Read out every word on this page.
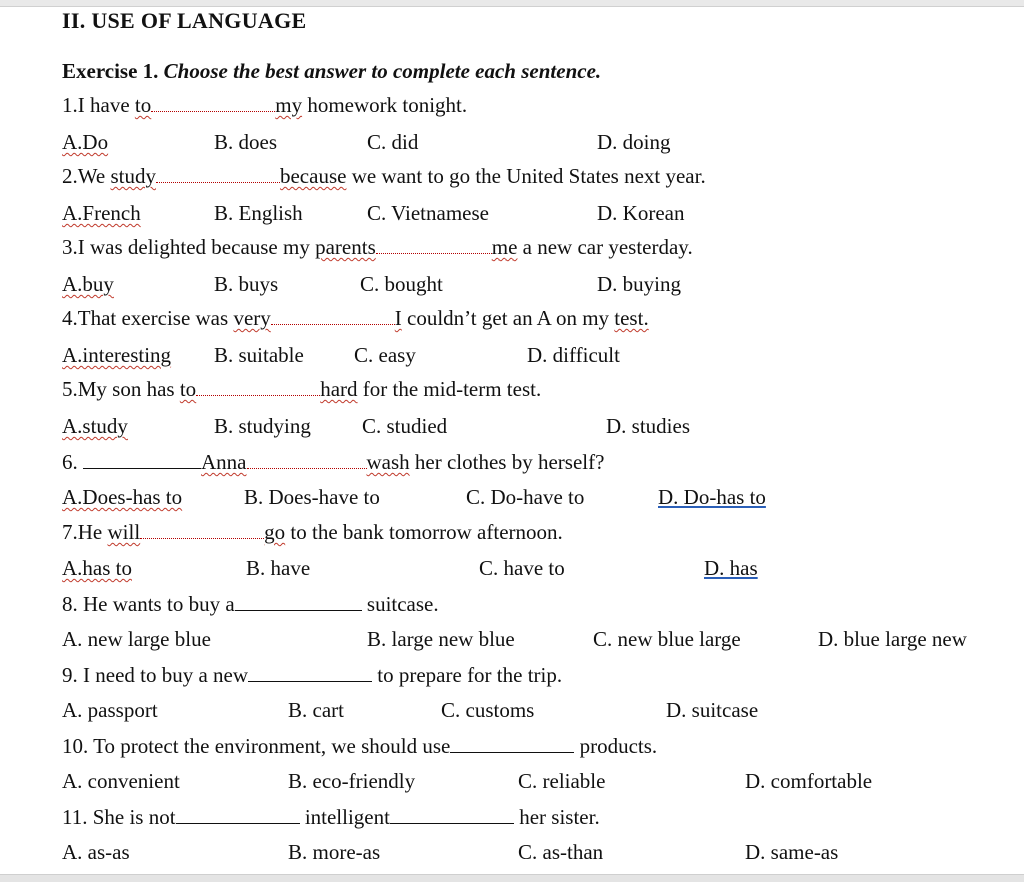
II. USE OF LANGUAGE
Exercise 1. Choose the best answer to complete each sentence.
1.I have to	my homework tonight.
A.Do	B. does	C. did	D. doing
2.We study	because we want to go the United States next year.
A.French	B. English	C. Vietnamese	D. Korean
3.I was delighted because my parents	me a new car yesterday.
A.buy	B. buys	C. bought	D. buying
4.That exercise was very	I couldn’t get an A on my test.
A.interesting B. suitable C. easy	D. difficult
5.My son has to	hard for the mid-term test.
A.study	B. studying C. studied	D. studies
6.	Anna	wash her clothes by herself?
A.Does-has to	B. Does-have to	C. Do-have to	D. Do-has to
7.He will	go to the bank tomorrow afternoon.
A.has to	B. have	C. have to	D. has
8. He wants to buy a	suitcase.
A. new large blue	B. large new blue	C. new blue large	D. blue large new
9. I need to buy a new	to prepare for the trip.
A. passport	B. cart	C. customs	D. suitcase
10. To protect the environment, we should use	products.
A. convenient	B. eco-friendly	C. reliable	D. comfortable
11. She is not	intelligent	her sister.
A. as-as	B. more-as	C. as-than	D. same-as
